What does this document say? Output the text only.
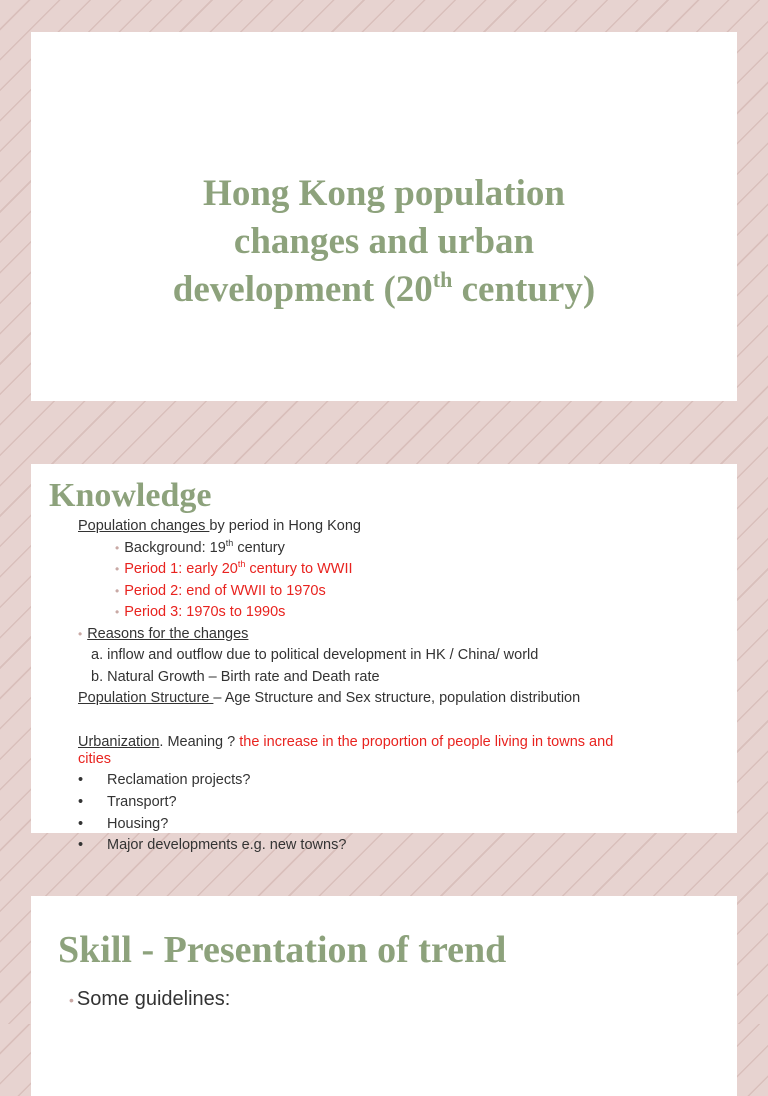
Hong Kong population
changes and urban
development (20th century)
Knowledge
Population changes by period in Hong Kong
• Background: 19th century
• Period 1: early 20th century to WWII
• Period 2: end of WWII to 1970s
• Period 3: 1970s to 1990s
• Reasons for the changes
a. inflow and outflow due to political development in HK / China/ world
b. Natural Growth – Birth rate and Death rate
Population Structure – Age Structure and Sex structure, population distribution
Urbanization. Meaning ? the increase in the proportion of people living in towns and
cities
• Reclamation projects?
• Transport?
• Housing?
• Major developments e.g. new towns?
Skill - Presentation of trend
• Some guidelines:
